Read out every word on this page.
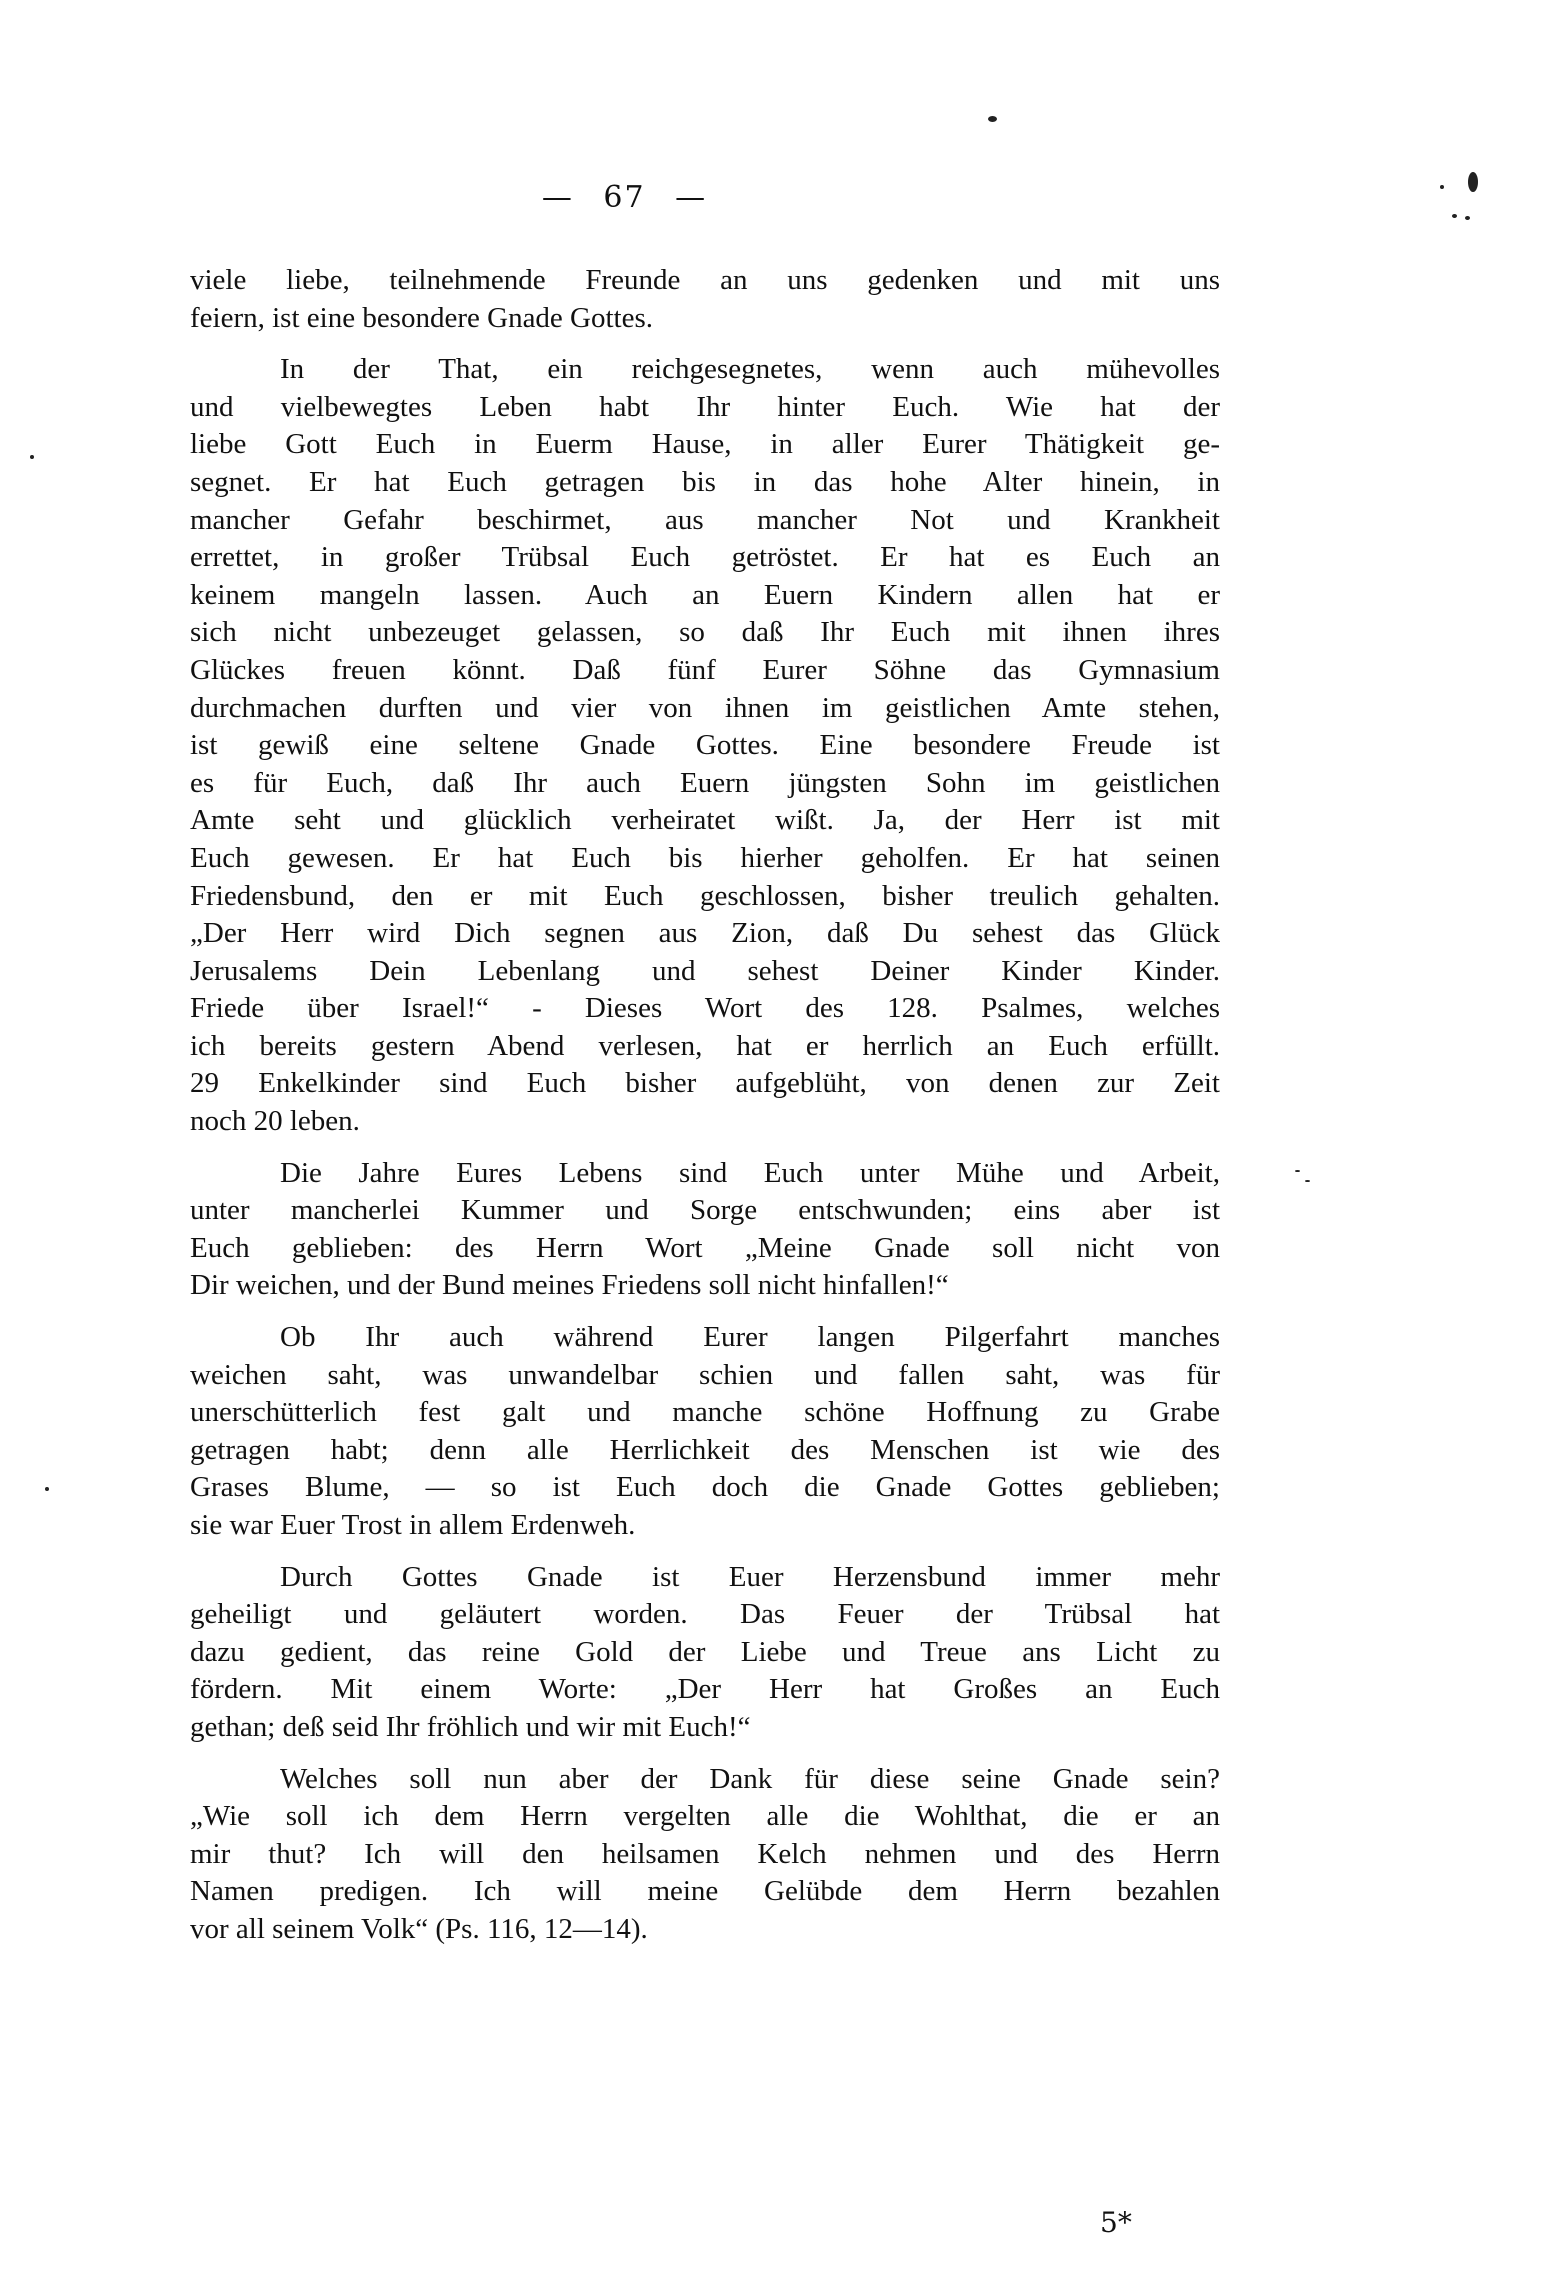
— 67 —
viele liebe, teilnehmende Freunde an uns gedenken und mit uns
feiern, ist eine besondere Gnade Gottes.
In der That, ein reichgesegnetes, wenn auch mühevolles
und vielbewegtes Leben habt Ihr hinter Euch. Wie hat der
liebe Gott Euch in Euerm Hause, in aller Eurer Thätigkeit ge-
segnet. Er hat Euch getragen bis in das hohe Alter hinein, in
mancher Gefahr beschirmet, aus mancher Not und Krankheit
errettet, in großer Trübsal Euch getröstet. Er hat es Euch an
keinem mangeln lassen. Auch an Euern Kindern allen hat er
sich nicht unbezeuget gelassen, so daß Ihr Euch mit ihnen ihres
Glückes freuen könnt. Daß fünf Eurer Söhne das Gymnasium
durchmachen durften und vier von ihnen im geistlichen Amte stehen,
ist gewiß eine seltene Gnade Gottes. Eine besondere Freude ist
es für Euch, daß Ihr auch Euern jüngsten Sohn im geistlichen
Amte seht und glücklich verheiratet wißt. Ja, der Herr ist mit
Euch gewesen. Er hat Euch bis hierher geholfen. Er hat seinen
Friedensbund, den er mit Euch geschlossen, bisher treulich gehalten.
„Der Herr wird Dich segnen aus Zion, daß Du sehest das Glück
Jerusalems Dein Lebenlang und sehest Deiner Kinder Kinder.
Friede über Israel!“ - Dieses Wort des 128. Psalmes, welches
ich bereits gestern Abend verlesen, hat er herrlich an Euch erfüllt.
29 Enkelkinder sind Euch bisher aufgeblüht, von denen zur Zeit
noch 20 leben.
Die Jahre Eures Lebens sind Euch unter Mühe und Arbeit,
unter mancherlei Kummer und Sorge entschwunden; eins aber ist
Euch geblieben: des Herrn Wort „Meine Gnade soll nicht von
Dir weichen, und der Bund meines Friedens soll nicht hinfallen!“
Ob Ihr auch während Eurer langen Pilgerfahrt manches
weichen saht, was unwandelbar schien und fallen saht, was für
unerschütterlich fest galt und manche schöne Hoffnung zu Grabe
getragen habt; denn alle Herrlichkeit des Menschen ist wie des
Grases Blume, — so ist Euch doch die Gnade Gottes geblieben;
sie war Euer Trost in allem Erdenweh.
Durch Gottes Gnade ist Euer Herzensbund immer mehr
geheiligt und geläutert worden. Das Feuer der Trübsal hat
dazu gedient, das reine Gold der Liebe und Treue ans Licht zu
fördern. Mit einem Worte: „Der Herr hat Großes an Euch
gethan; deß seid Ihr fröhlich und wir mit Euch!“
Welches soll nun aber der Dank für diese seine Gnade sein?
„Wie soll ich dem Herrn vergelten alle die Wohlthat, die er an
mir thut? Ich will den heilsamen Kelch nehmen und des Herrn
Namen predigen. Ich will meine Gelübde dem Herrn bezahlen
vor all seinem Volk“ (Ps. 116, 12—14).
5*
